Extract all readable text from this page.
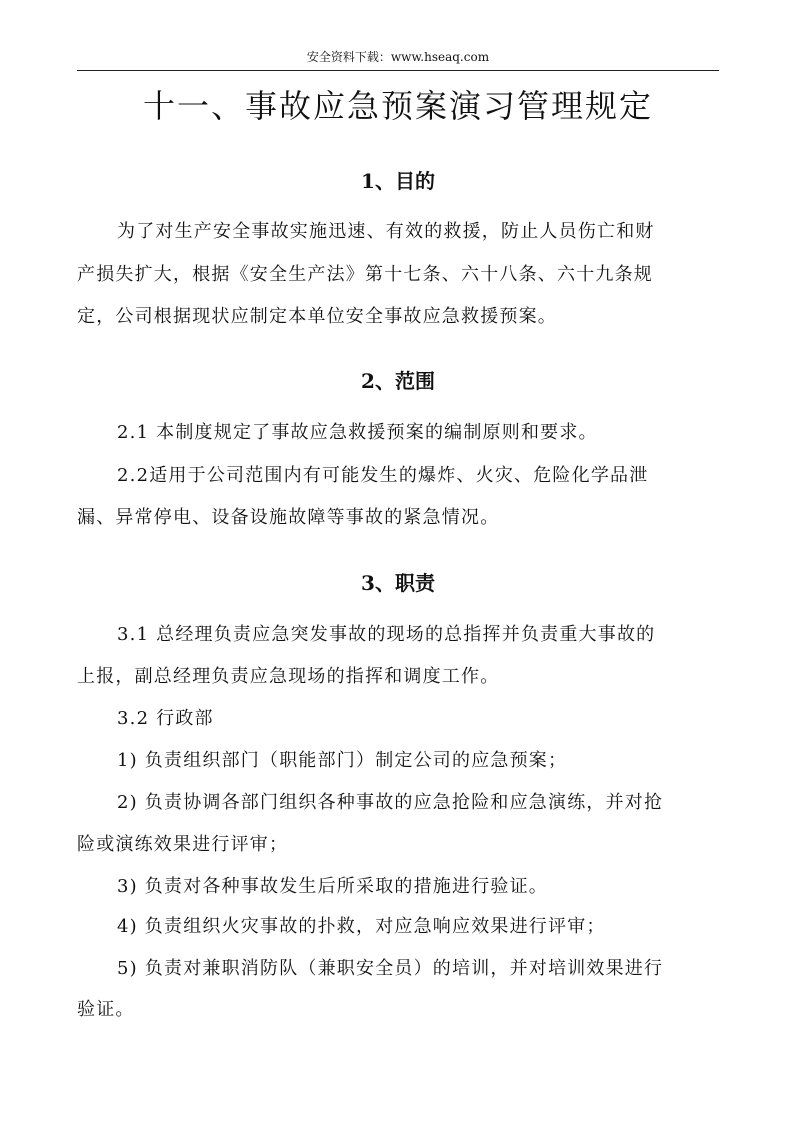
安全资料下载：www.hseaq.com
十一、事故应急预案演习管理规定
1、目的
为了对生产安全事故实施迅速、有效的救援，防止人员伤亡和财
产损失扩大，根据《安全生产法》第十七条、六十八条、六十九条规
定，公司根据现状应制定本单位安全事故应急救援预案。
2、范围
2.1 本制度规定了事故应急救援预案的编制原则和要求。
2.2适用于公司范围内有可能发生的爆炸、火灾、危险化学品泄
漏、异常停电、设备设施故障等事故的紧急情况。
3、职责
3.1 总经理负责应急突发事故的现场的总指挥并负责重大事故的
上报，副总经理负责应急现场的指挥和调度工作。
3.2 行政部
1) 负责组织部门（职能部门）制定公司的应急预案；
2) 负责协调各部门组织各种事故的应急抢险和应急演练，并对抢
险或演练效果进行评审；
3) 负责对各种事故发生后所采取的措施进行验证。
4) 负责组织火灾事故的扑救，对应急响应效果进行评审；
5) 负责对兼职消防队（兼职安全员）的培训，并对培训效果进行
验证。
